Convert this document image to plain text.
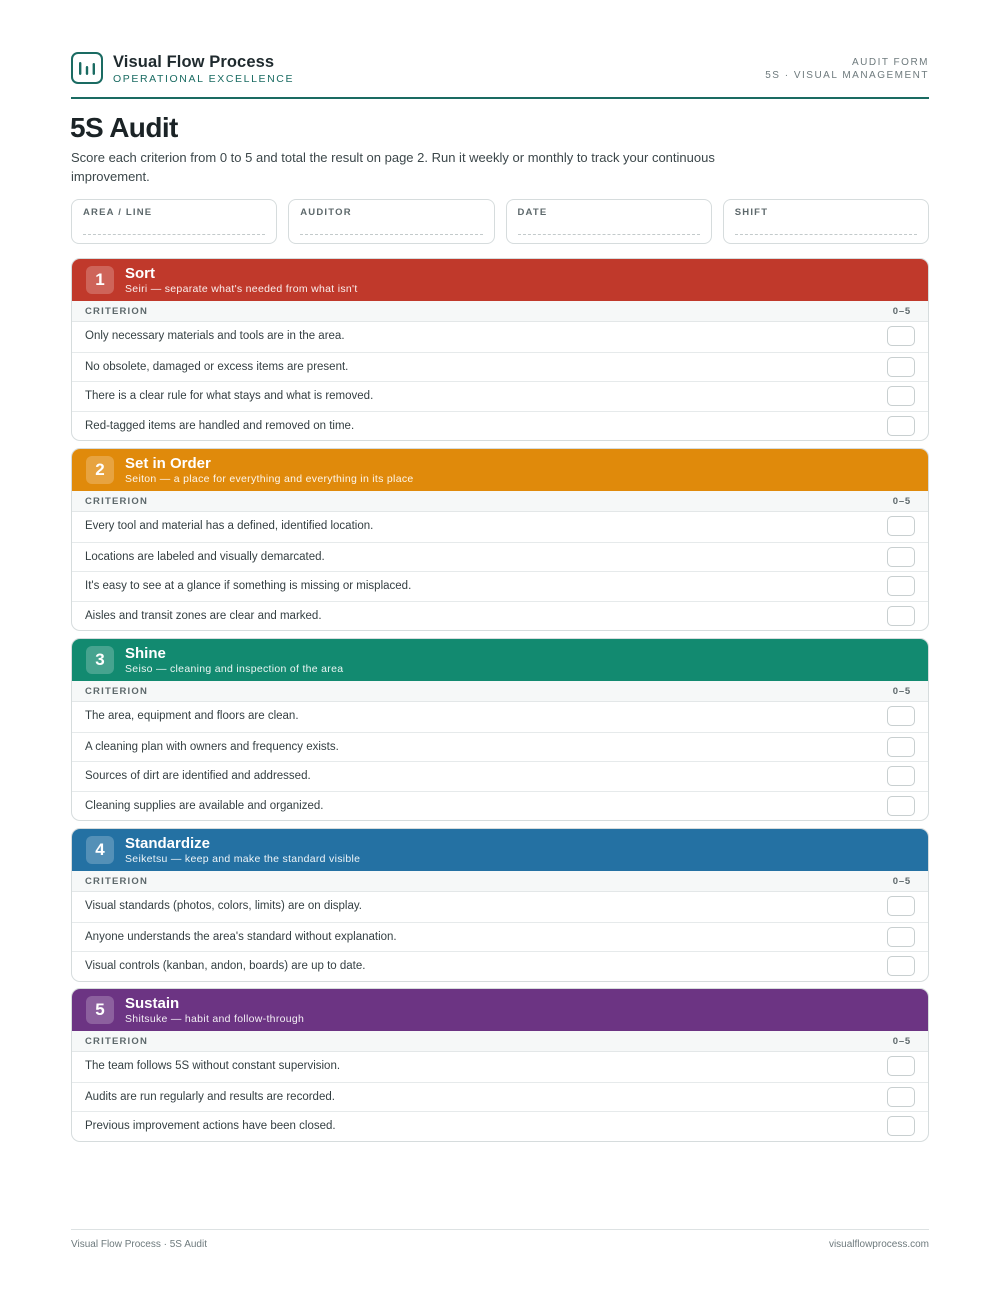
Visual Flow Process
OPERATIONAL EXCELLENCE
AUDIT FORM
5S · VISUAL MANAGEMENT
5S Audit
Score each criterion from 0 to 5 and total the result on page 2. Run it weekly or monthly to track your continuous improvement.
AREA / LINE	AUDITOR	DATE	SHIFT
1	Sort
Seiri — separate what's needed from what isn't
CRITERION	0–5
Only necessary materials and tools are in the area.
No obsolete, damaged or excess items are present.
There is a clear rule for what stays and what is removed.
Red-tagged items are handled and removed on time.
2	Set in Order
Seiton — a place for everything and everything in its place
CRITERION	0–5
Every tool and material has a defined, identified location.
Locations are labeled and visually demarcated.
It's easy to see at a glance if something is missing or misplaced.
Aisles and transit zones are clear and marked.
3	Shine
Seiso — cleaning and inspection of the area
CRITERION	0–5
The area, equipment and floors are clean.
A cleaning plan with owners and frequency exists.
Sources of dirt are identified and addressed.
Cleaning supplies are available and organized.
4	Standardize
Seiketsu — keep and make the standard visible
CRITERION	0–5
Visual standards (photos, colors, limits) are on display.
Anyone understands the area's standard without explanation.
Visual controls (kanban, andon, boards) are up to date.
5	Sustain
Shitsuke — habit and follow-through
CRITERION	0–5
The team follows 5S without constant supervision.
Audits are run regularly and results are recorded.
Previous improvement actions have been closed.
Visual Flow Process · 5S Audit	visualflowprocess.com
